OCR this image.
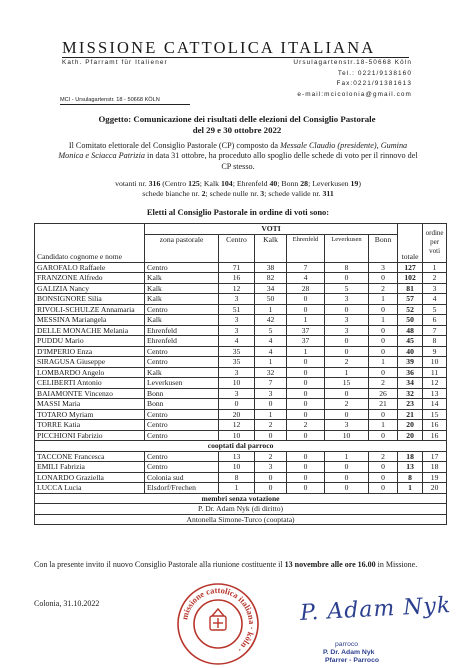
MISSIONE CATTOLICA ITALIANA
Kath. Pfarramt für Italiener	Ursulagartenstr.18-50668 Köln
Tel.: 0221/9138160
Fax:0221/91381613
e-mail:mcicolonia@gmail.com
MCI - Ursulagartenstr. 18 - 50668 KÖLN
Oggetto: Comunicazione dei risultati delle elezioni del Consiglio Pastorale
del 29 e 30 ottobre 2022
Il Comitato elettorale del Consiglio Pastorale (CP) composto da Messale Claudio (presidente), Gumina Monica e Sciacca Patrizia in data 31 ottobre, ha proceduto allo spoglio delle schede di voto per il rinnovo del CP stesso.
votanti nr. 316 (Centro 125; Kalk 104; Ehrenfeld 40; Bonn 28; Leverkusen 19)
schede bianche nr. 2; schede nulle nr. 3; schede valide nr. 311
Eletti al Consiglio Pastorale in ordine di voti sono:
Candidato cognome e nome	VOTI						totale	ordine per voti
	zona pastorale	Centro	Kalk	Ehrenfeld	Leverkusen	Bonn		
GAROFALO Raffaele	Centro	71	38	7	8	3	127	1
FRANZONE Alfredo	Kalk	16	82	4	0	0	102	2
GALIZIA Nancy	Kalk	12	34	28	5	2	81	3
BONSIGNORE Silia	Kalk	3	50	0	3	1	57	4
RIVOLI-SCHULZE Annamaria	Centro	51	1	0	0	0	52	5
MESSINA Mariangela	Kalk	3	42	1	3	1	50	6
DELLE MONACHE Melania	Ehrenfeld	3	5	37	3	0	48	7
PUDDU Mario	Ehrenfeld	4	4	37	0	0	45	8
D'IMPERIO Enza	Centro	35	4	1	0	0	40	9
SIRAGUSA Giuseppe	Centro	35	1	0	2	1	39	10
LOMBARDO Angelo	Kalk	3	32	0	1	0	36	11
CELIBERTI Antonio	Leverkusen	10	7	0	15	2	34	12
BAIAMONTE Vincenzo	Bonn	3	3	0	0	26	32	13
MASSI Maria	Bonn	0	0	0	2	21	23	14
TOTARO Myriam	Centro	20	1	0	0	0	21	15
TORRE Katia	Centro	12	2	2	3	1	20	16
PICCHIONI Fabrizio	Centro	10	0	0	10	0	20	16
cooptati dal parroco								
TACCONE Francesca	Centro	13	2	0	1	2	18	17
EMILI Fabrizia	Centro	10	3	0	0	0	13	18
LONARDO Graziella	Colonia sud	8	0	0	0	0	8	19
LUCCA Lucia	Elsdorf/Frechen	1	0	0	0	0	1	20
membri senza votazione								
P. Dr. Adam Nyk (di diritto)								
Antonella Simone-Turco (cooptata)								
Con la presente invito il nuovo Consiglio Pastorale alla riunione costituente il 13 novembre alle ore 16.00 in Missione.
Colonia, 31.10.2022
missione cattolica italiana · köln ·
P. Adam Nyk
parroco
P. Dr. Adam Nyk
Pfarrer - Parroco
